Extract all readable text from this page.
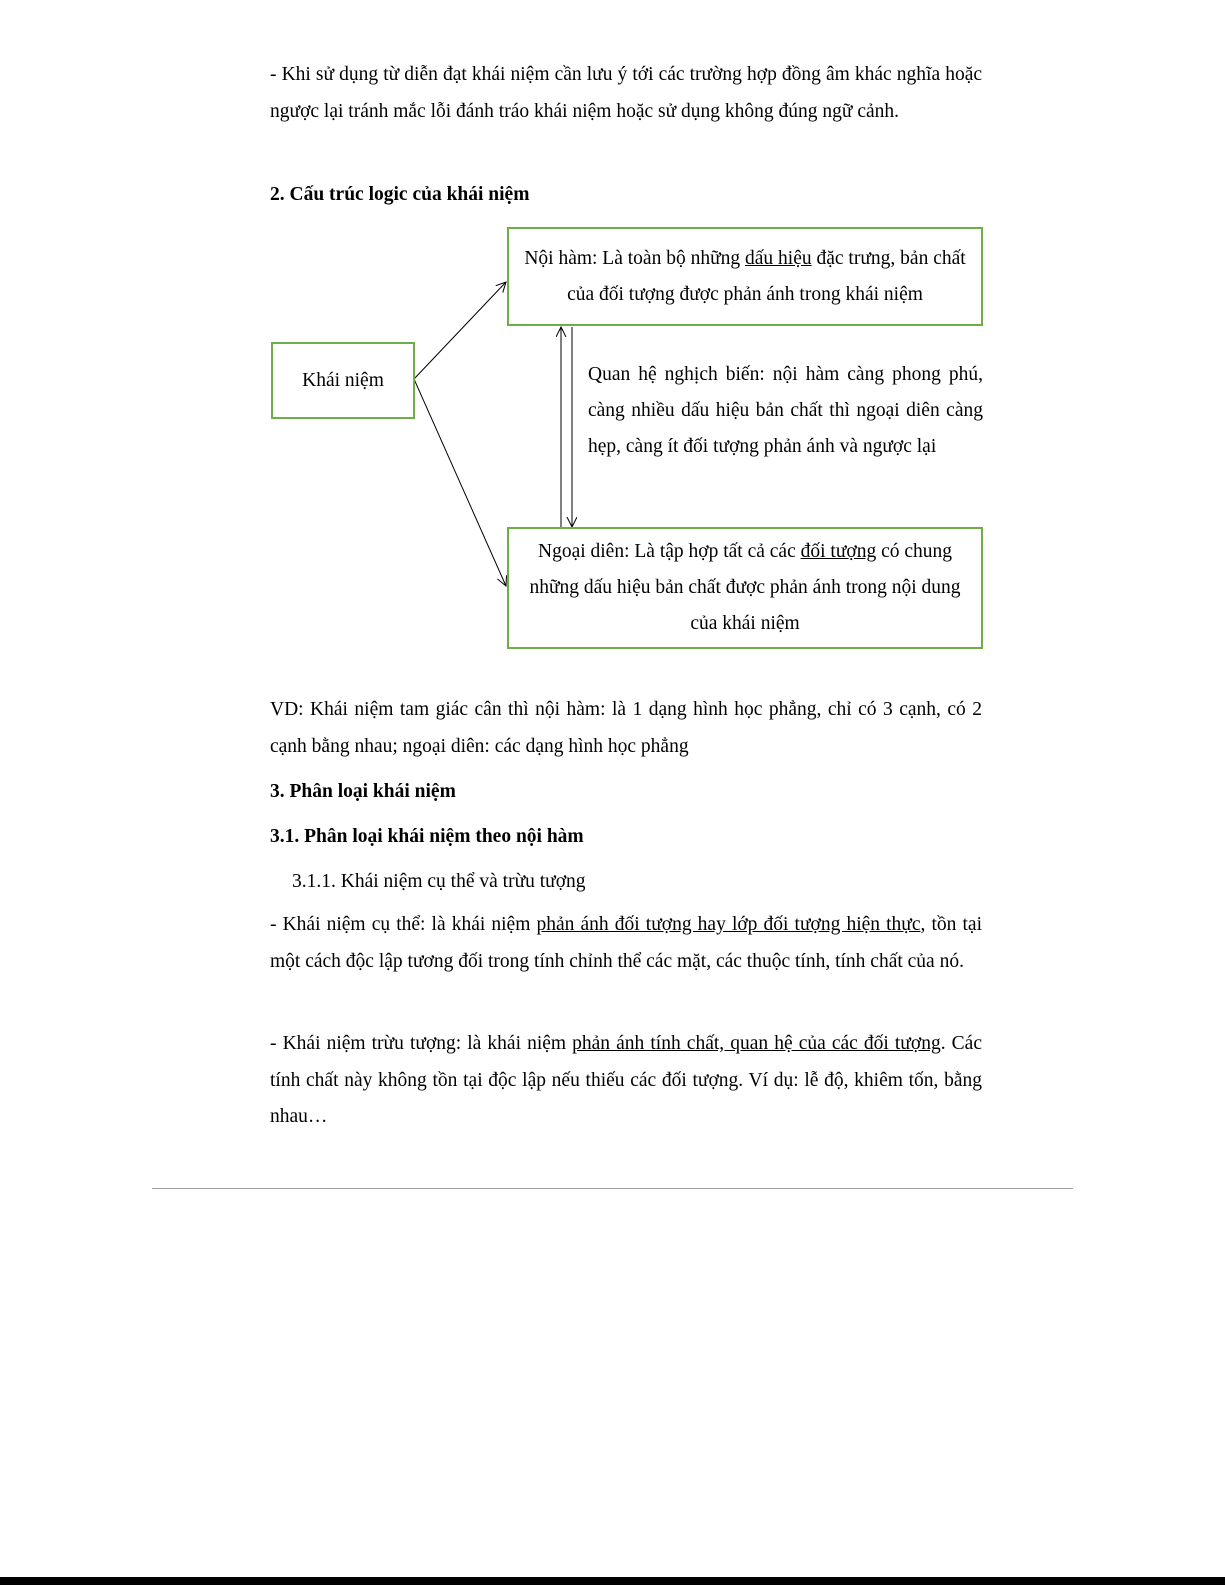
- Khi sử dụng từ diễn đạt khái niệm cần lưu ý tới các trường hợp đồng âm khác nghĩa hoặc ngược lại tránh mắc lỗi đánh tráo khái niệm hoặc sử dụng không đúng ngữ cảnh.

2. Cấu trúc logic của khái niệm

Khái niệm
Nội hàm: Là toàn bộ những dấu hiệu đặc trưng, bản chất của đối tượng được phản ánh trong khái niệm

Quan hệ nghịch biến: nội hàm càng phong phú, càng nhiều dấu hiệu bản chất thì ngoại diên càng hẹp, càng ít đối tượng phản ánh và ngược lại

Ngoại diên: Là tập hợp tất cả các đối tượng có chung những dấu hiệu bản chất được phản ánh trong nội dung của khái niệm

VD: Khái niệm tam giác cân thì nội hàm: là 1 dạng hình học phẳng, chỉ có 3 cạnh, có 2 cạnh bằng nhau; ngoại diên: các dạng hình học phẳng

3. Phân loại khái niệm

3.1. Phân loại khái niệm theo nội hàm

3.1.1. Khái niệm cụ thể và trừu tượng

- Khái niệm cụ thể: là khái niệm phản ánh đối tượng hay lớp đối tượng hiện thực, tồn tại một cách độc lập tương đối trong tính chỉnh thể các mặt, các thuộc tính, tính chất của nó.

- Khái niệm trừu tượng: là khái niệm phản ánh tính chất, quan hệ của các đối tượng. Các tính chất này không tồn tại độc lập nếu thiếu các đối tượng. Ví dụ: lễ độ, khiêm tốn, bằng nhau…
